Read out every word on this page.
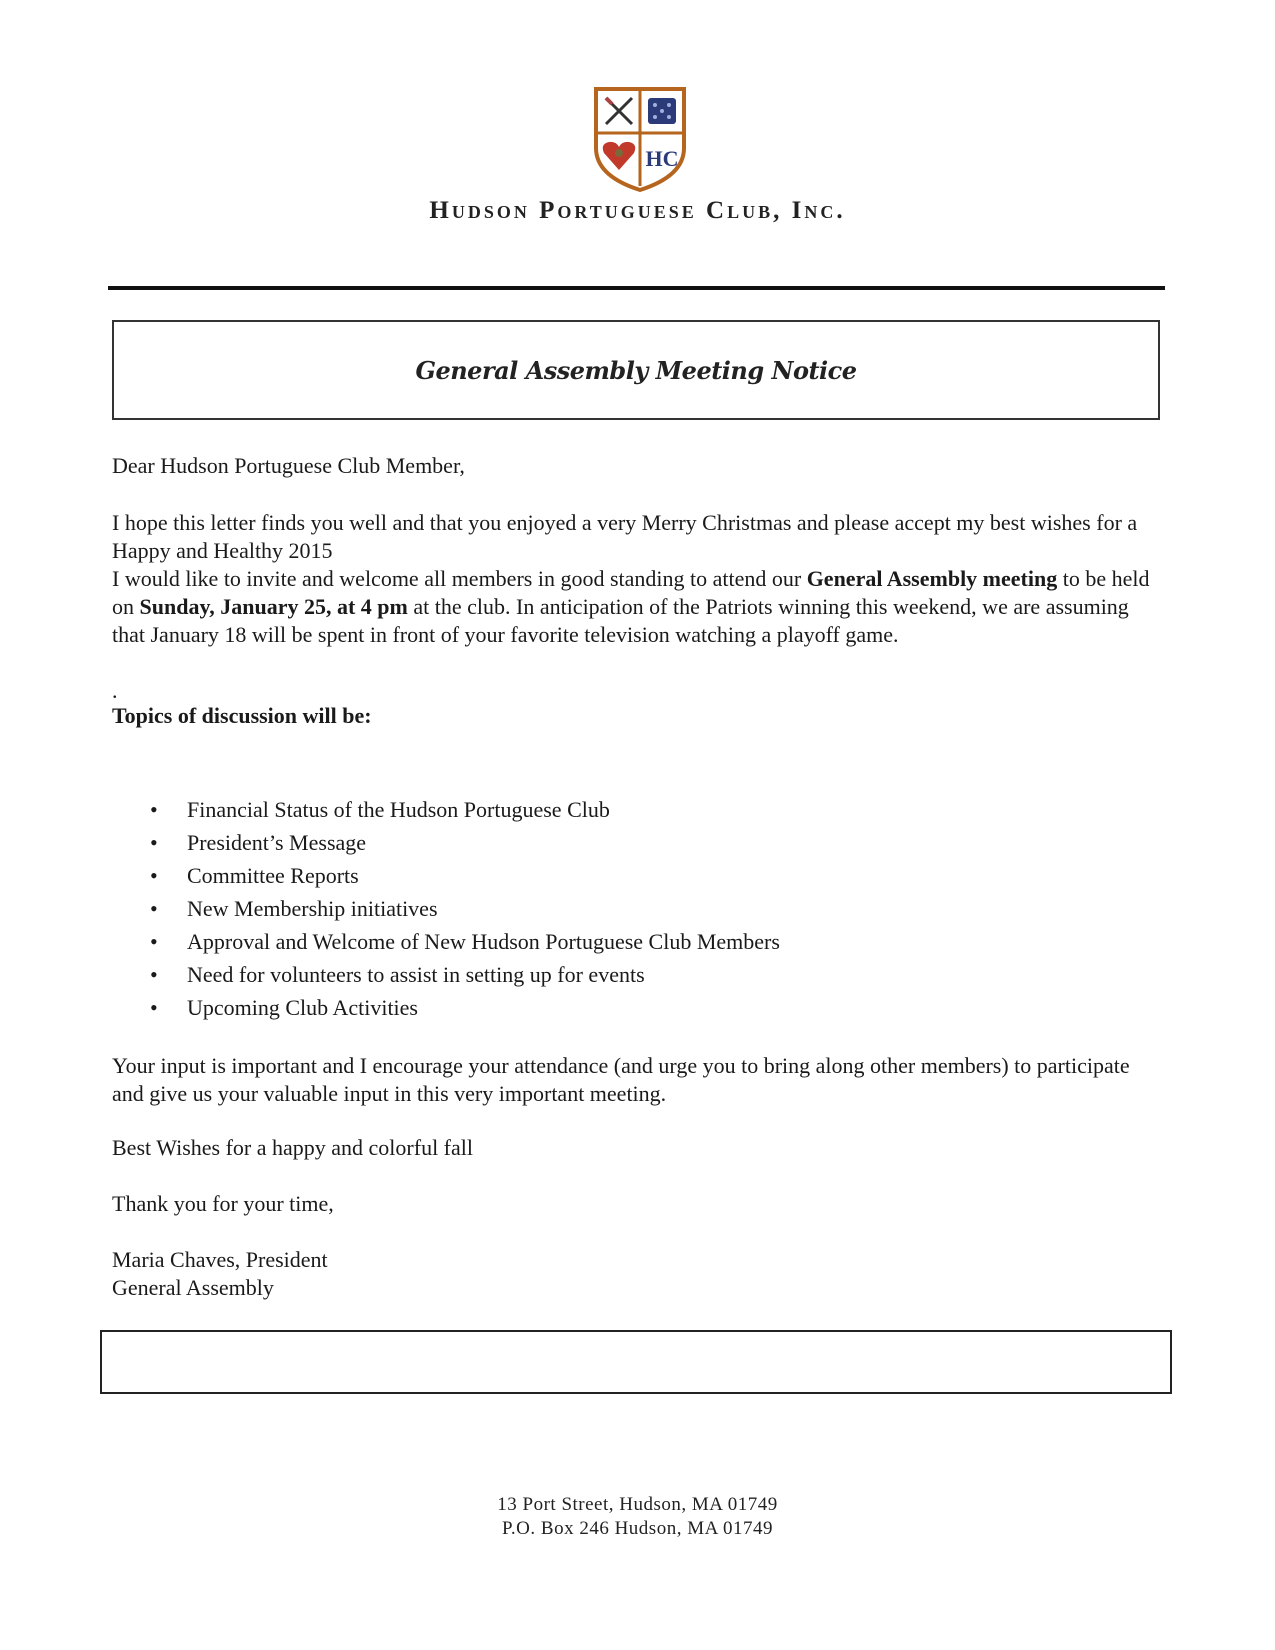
HC
Hudson Portuguese Club, Inc.
General Assembly Meeting Notice

Dear Hudson Portuguese Club Member,

I hope this letter finds you well and that you enjoyed a very Merry Christmas and please accept my best wishes for a Happy and Healthy 2015

I would like to invite and welcome all members in good standing to attend our General Assembly meeting to be held on Sunday, January 25, at 4 pm at the club. In anticipation of the Patriots winning this weekend, we are assuming that January 18 will be spent in front of your favorite television watching a playoff game.

.

Topics of discussion will be:

• Financial Status of the Hudson Portuguese Club
• President’s Message
• Committee Reports
• New Membership initiatives
• Approval and Welcome of New Hudson Portuguese Club Members
• Need for volunteers to assist in setting up for events
• Upcoming Club Activities

Your input is important and I encourage your attendance (and urge you to bring along other members) to participate and give us your valuable input in this very important meeting.

Best Wishes for a happy and colorful fall

Thank you for your time,

Maria Chaves, President
General Assembly
13 Port Street, Hudson, MA 01749
P.O. Box 246 Hudson, MA 01749
